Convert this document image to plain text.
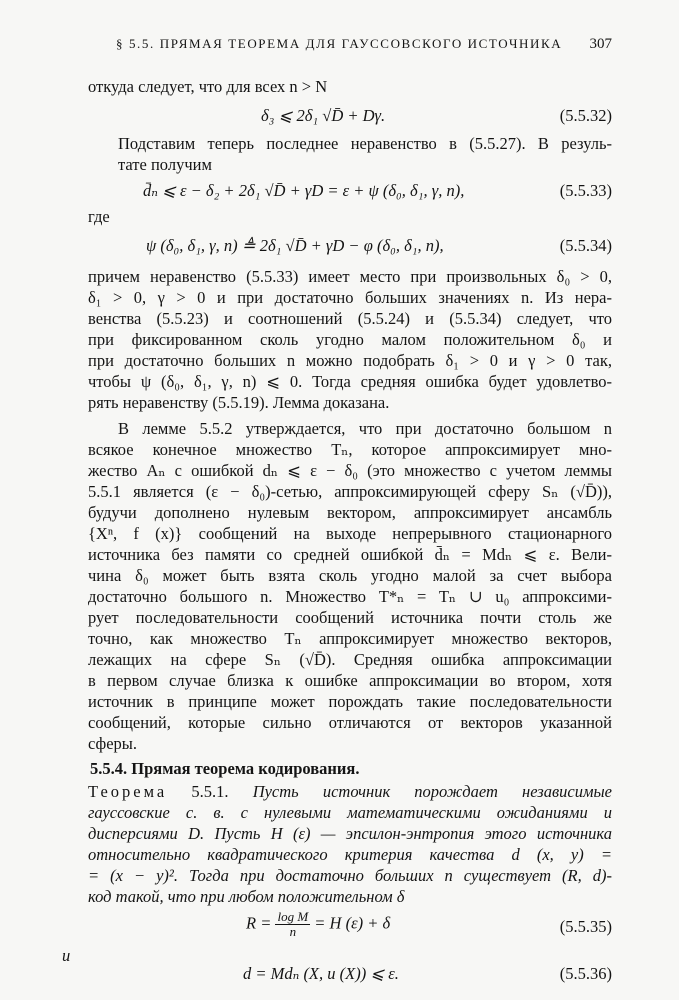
§ 5.5. ПРЯМАЯ ТЕОРЕМА ДЛЯ ГАУССОВСКОГО ИСТОЧНИКА 307
откуда следует, что для всех n > N
δ₃ ⩽ 2δ₁ √D̄ + Dγ.	(5.5.32)
Подставим теперь последнее неравенство в (5.5.27). В резуль-
тате получим
d̄ₙ ⩽ ε − δ₂ + 2δ₁ √D̄ + γD = ε + ψ (δ₀, δ₁, γ, n),	(5.5.33)
где
ψ (δ₀, δ₁, γ, n) ≜ 2δ₁ √D̄ + γD − φ (δ₀, δ₁, n),	(5.5.34)
причем неравенство (5.5.33) имеет место при произвольных δ₀ > 0,
δ₁ > 0, γ > 0 и при достаточно больших значениях n. Из нера-
венства (5.5.23) и соотношений (5.5.24) и (5.5.34) следует, что
при фиксированном сколь угодно малом положительном δ₀ и
при достаточно больших n можно подобрать δ₁ > 0 и γ > 0 так,
чтобы ψ (δ₀, δ₁, γ, n) ⩽ 0. Тогда средняя ошибка будет удовлетво-
рять неравенству (5.5.19). Лемма доказана.
В лемме 5.5.2 утверждается, что при достаточно большом n
всякое конечное множество Tₙ, которое аппроксимирует мно-
жество Aₙ с ошибкой dₙ ⩽ ε − δ₀ (это множество с учетом леммы
5.5.1 является (ε − δ₀)-сетью, аппроксимирующей сферу Sₙ (√D̄)),
будучи дополнено нулевым вектором, аппроксимирует ансамбль
{Xⁿ, f (x)} сообщений на выходе непрерывного стационарного
источника без памяти со средней ошибкой d̄ₙ = Mdₙ ⩽ ε. Вели-
чина δ₀ может быть взята сколь угодно малой за счет выбора
достаточно большого n. Множество T*ₙ = Tₙ ∪ u₀ аппроксими-
рует последовательности сообщений источника почти столь же
точно, как множество Tₙ аппроксимирует множество векторов,
лежащих на сфере Sₙ (√D̄). Средняя ошибка аппроксимации
в первом случае близка к ошибке аппроксимации во втором, хотя
источник в принципе может порождать такие последовательности
сообщений, которые сильно отличаются от векторов указанной
сферы.
5.5.4. Прямая теорема кодирования.
Теорема 5.5.1. Пусть источник порождает независимые
гауссовские с. в. с нулевыми математическими ожиданиями и
дисперсиями D. Пусть H (ε) — эпсилон-энтропия этого источника
относительно квадратического критерия качества d (x, y) =
= (x − y)². Тогда при достаточно больших n существует (R, d)-
код такой, что при любом положительном δ
$R = \frac{\text{log M}}{n} = H$ (ε) + δ	(5.5.35)
и
d = Mdₙ (X, u (X)) ⩽ ε.	(5.5.36)
